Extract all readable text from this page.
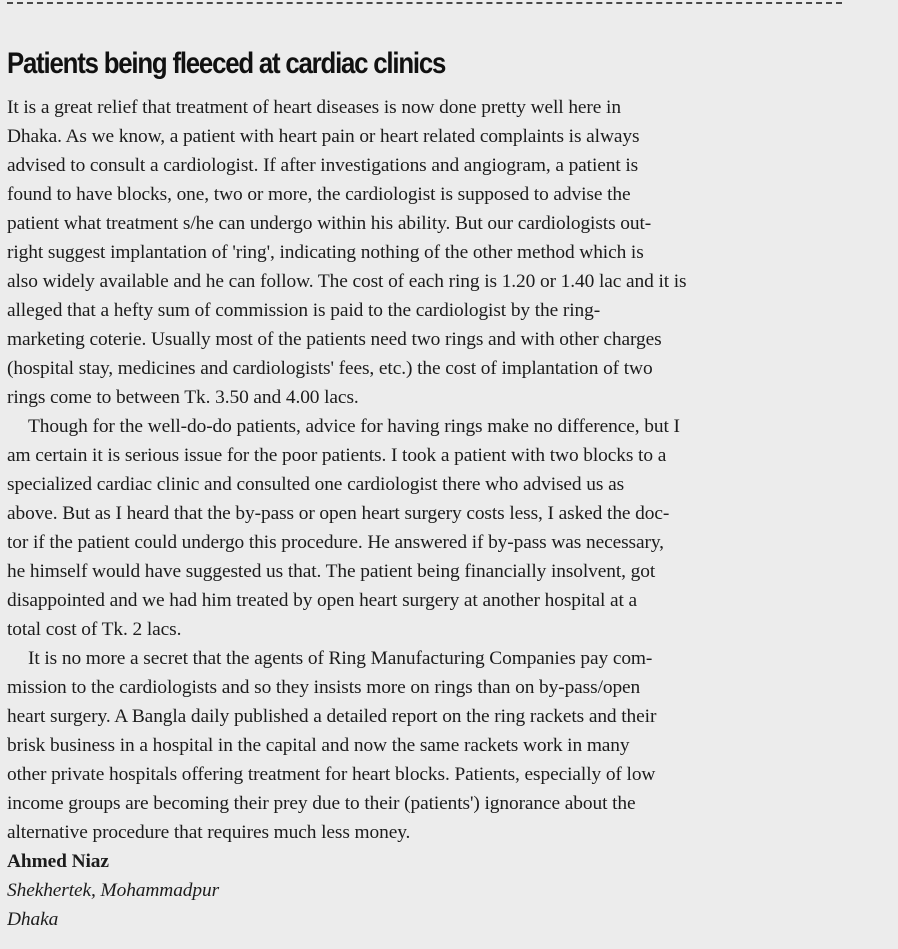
Patients being fleeced at cardiac clinics
It is a great relief that treatment of heart diseases is now done pretty well here in
Dhaka. As we know, a patient with heart pain or heart related complaints is always
advised to consult a cardiologist. If after investigations and angiogram, a patient is
found to have blocks, one, two or more, the cardiologist is supposed to advise the
patient what treatment s/he can undergo within his ability. But our cardiologists out-
right suggest implantation of 'ring', indicating nothing of the other method which is
also widely available and he can follow. The cost of each ring is 1.20 or 1.40 lac and it is
alleged that a hefty sum of commission is paid to the cardiologist by the ring-
marketing coterie. Usually most of the patients need two rings and with other charges
(hospital stay, medicines and cardiologists' fees, etc.) the cost of implantation of two
rings come to between Tk. 3.50 and 4.00 lacs.
Though for the well-do-do patients, advice for having rings make no difference, but I
am certain it is serious issue for the poor patients. I took a patient with two blocks to a
specialized cardiac clinic and consulted one cardiologist there who advised us as
above. But as I heard that the by-pass or open heart surgery costs less, I asked the doc-
tor if the patient could undergo this procedure. He answered if by-pass was necessary,
he himself would have suggested us that. The patient being financially insolvent, got
disappointed and we had him treated by open heart surgery at another hospital at a
total cost of Tk. 2 lacs.
It is no more a secret that the agents of Ring Manufacturing Companies pay com-
mission to the cardiologists and so they insists more on rings than on by-pass/open
heart surgery. A Bangla daily published a detailed report on the ring rackets and their
brisk business in a hospital in the capital and now the same rackets work in many
other private hospitals offering treatment for heart blocks. Patients, especially of low
income groups are becoming their prey due to their (patients') ignorance about the
alternative procedure that requires much less money.
Ahmed Niaz
Shekhertek, Mohammadpur
Dhaka
